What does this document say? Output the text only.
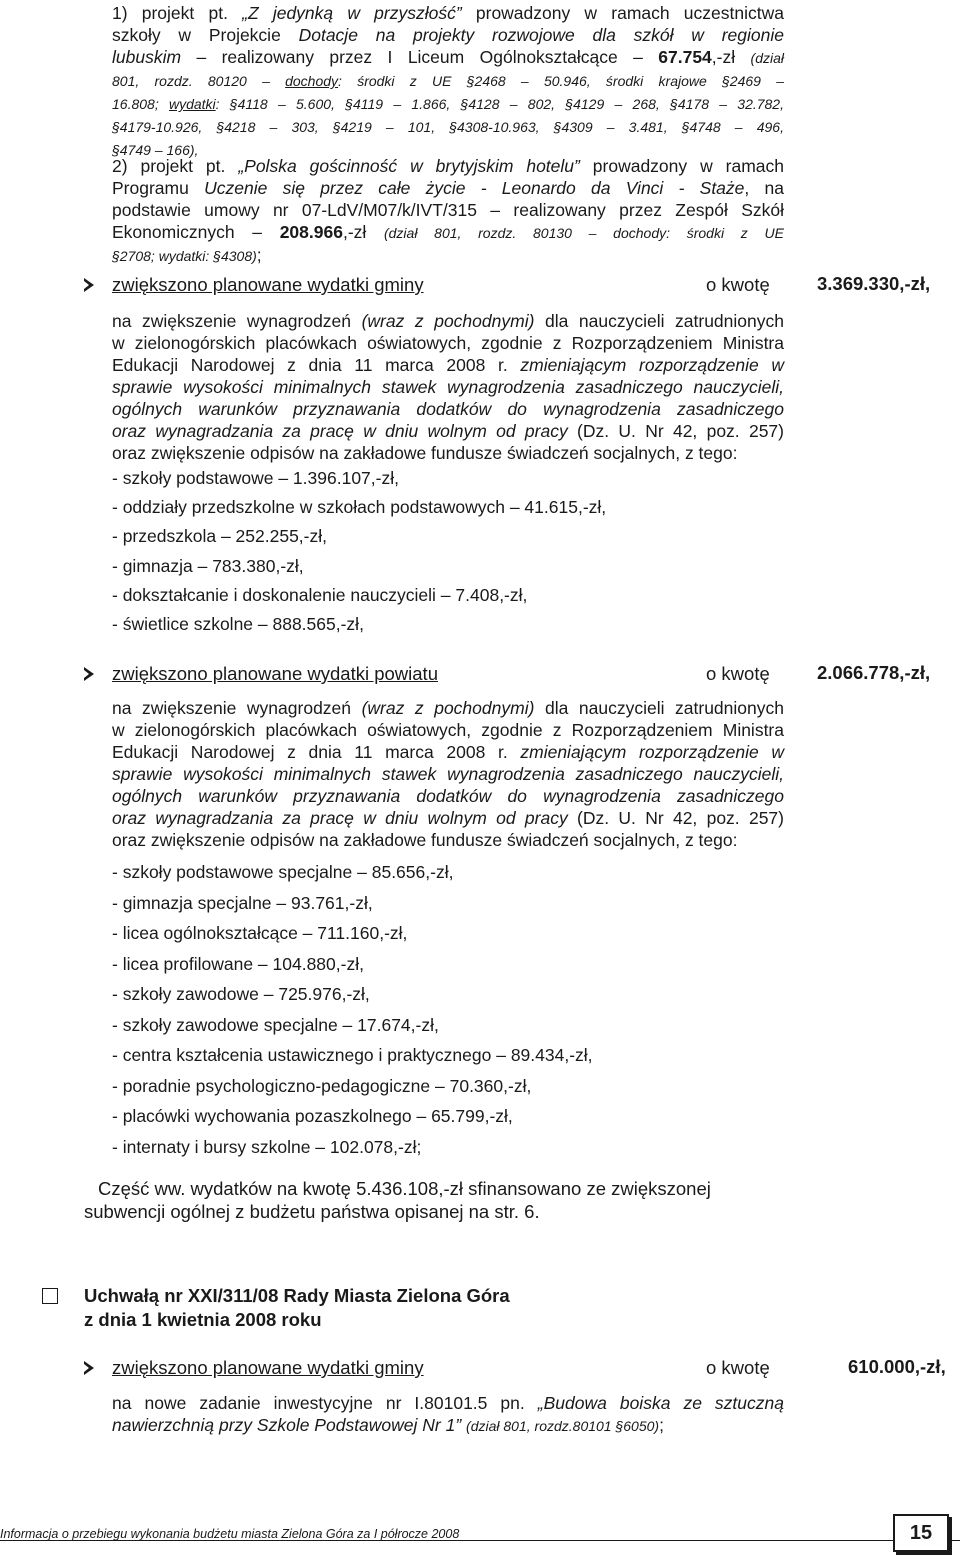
1) projekt pt. „Z jedynką w przyszłość” prowadzony w ramach uczestnictwa
szkoły w Projekcie Dotacje na projekty rozwojowe dla szkół w regionie
lubuskim – realizowany przez I Liceum Ogólnokształcące – 67.754,-zł (dział
801, rozdz. 80120 – dochody: środki z UE §2468 – 50.946, środki krajowe §2469 –
16.808; wydatki: §4118 – 5.600, §4119 – 1.866, §4128 – 802, §4129 – 268, §4178 – 32.782,
§4179-10.926, §4218 – 303, §4219 – 101, §4308-10.963, §4309 – 3.481, §4748 – 496,
§4749 – 166),
2) projekt pt. „Polska gościnność w brytyjskim hotelu” prowadzony w ramach
Programu Uczenie się przez całe życie - Leonardo da Vinci - Staże, na
podstawie umowy nr 07-LdV/M07/k/IVT/315 – realizowany przez Zespół Szkół
Ekonomicznych – 208.966,-zł (dział 801, rozdz. 80130 – dochody: środki z UE
§2708; wydatki: §4308);
zwiększono planowane wydatki gminy	o kwotę	3.369.330,-zł,
na zwiększenie wynagrodzeń (wraz z pochodnymi) dla nauczycieli zatrudnionych
w zielonogórskich placówkach oświatowych, zgodnie z Rozporządzeniem Ministra
Edukacji Narodowej z dnia 11 marca 2008 r. zmieniającym rozporządzenie w
sprawie wysokości minimalnych stawek wynagrodzenia zasadniczego nauczycieli,
ogólnych warunków przyznawania dodatków do wynagrodzenia zasadniczego
oraz wynagradzania za pracę w dniu wolnym od pracy (Dz. U. Nr 42, poz. 257)
oraz zwiększenie odpisów na zakładowe fundusze świadczeń socjalnych, z tego:
zwiększono planowane wydatki powiatu	o kwotę	2.066.778,-zł,
na zwiększenie wynagrodzeń (wraz z pochodnymi) dla nauczycieli zatrudnionych
w zielonogórskich placówkach oświatowych, zgodnie z Rozporządzeniem Ministra
Edukacji Narodowej z dnia 11 marca 2008 r. zmieniającym rozporządzenie w
sprawie wysokości minimalnych stawek wynagrodzenia zasadniczego nauczycieli,
ogólnych warunków przyznawania dodatków do wynagrodzenia zasadniczego
oraz wynagradzania za pracę w dniu wolnym od pracy (Dz. U. Nr 42, poz. 257)
oraz zwiększenie odpisów na zakładowe fundusze świadczeń socjalnych, z tego:
Część ww. wydatków na kwotę 5.436.108,-zł sfinansowano ze zwiększonej
subwencji ogólnej z budżetu państwa opisanej na str. 6.
Uchwałą nr XXI/311/08 Rady Miasta Zielona Góra
z dnia 1 kwietnia 2008 roku
zwiększono planowane wydatki gminy	o kwotę	610.000,-zł,
na nowe zadanie inwestycyjne nr I.80101.5 pn. „Budowa boiska ze sztuczną
nawierzchnią przy Szkole Podstawowej Nr 1” (dział 801, rozdz.80101 §6050);
Informacja o przebiegu wykonania budżetu miasta Zielona Góra za I półrocze 2008	15
- szkoły podstawowe – 1.396.107,-zł,
- oddziały przedszkolne w szkołach podstawowych – 41.615,-zł,
- przedszkola – 252.255,-zł,
- gimnazja – 783.380,-zł,
- dokształcanie i doskonalenie nauczycieli – 7.408,-zł,
- świetlice szkolne – 888.565,-zł,
- szkoły podstawowe specjalne – 85.656,-zł,
- gimnazja specjalne – 93.761,-zł,
- licea ogólnokształcące – 711.160,-zł,
- licea profilowane – 104.880,-zł,
- szkoły zawodowe – 725.976,-zł,
- szkoły zawodowe specjalne – 17.674,-zł,
- centra kształcenia ustawicznego i praktycznego – 89.434,-zł,
- poradnie psychologiczno-pedagogiczne – 70.360,-zł,
- placówki wychowania pozaszkolnego – 65.799,-zł,
- internaty i bursy szkolne – 102.078,-zł;
